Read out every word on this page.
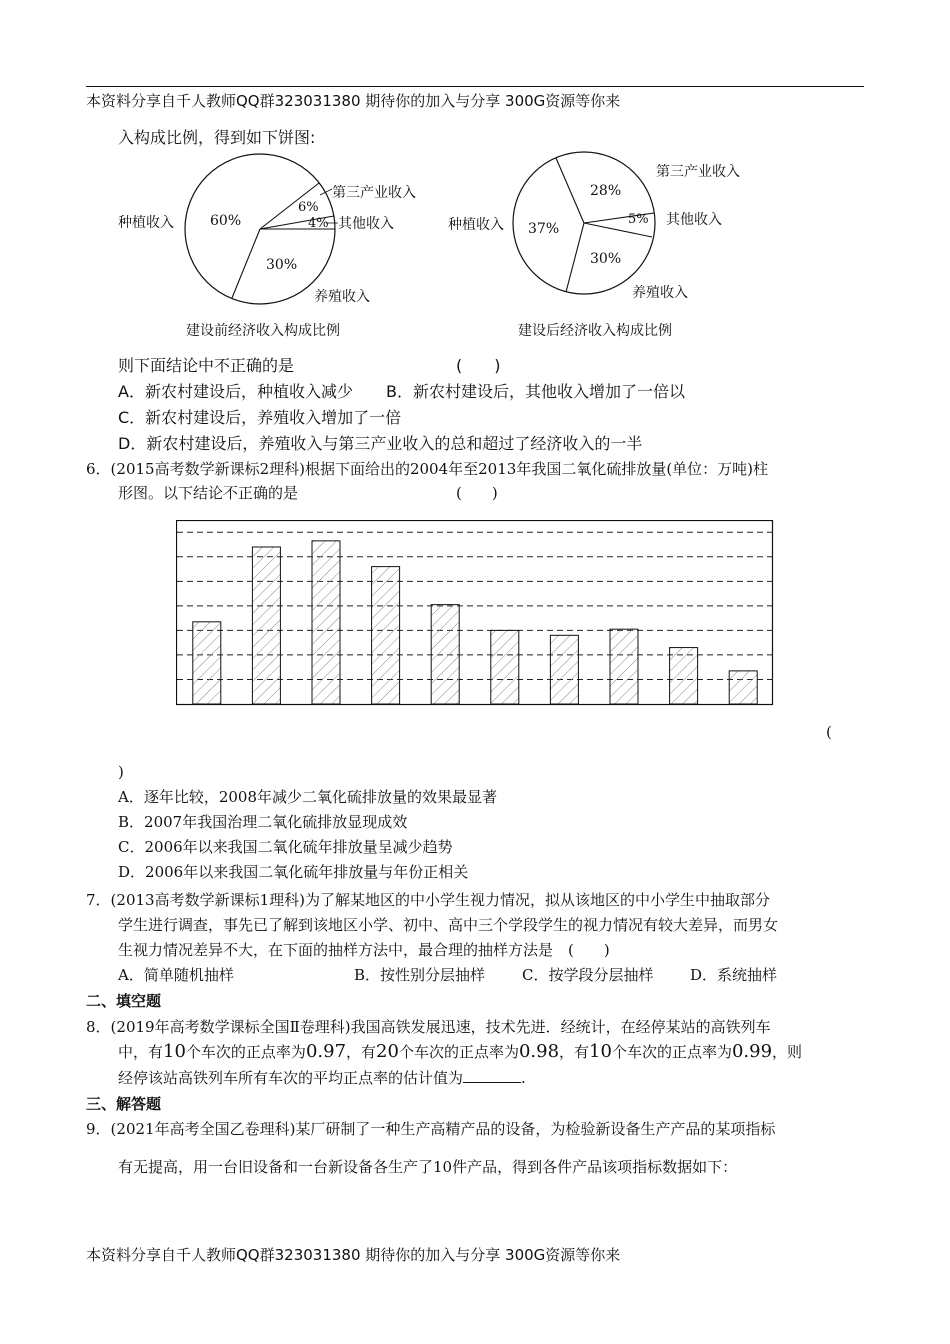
本资料分享自千人教师QQ群323031380 期待你的加入与分享 300G资源等你来
入构成比例，得到如下饼图:
60%
6%
4%
30%
种植收入
第三产业收入
其他收入
养殖收入
建设前经济收入构成比例
37%
28%
5%
30%
种植收入
第三产业收入
其他收入
养殖收入
建设后经济收入构成比例
则下面结论中不正确的是	(　　)
A．新农村建设后，种植收入减少 B．新农村建设后，其他收入增加了一倍以
C．新农村建设后，养殖收入增加了一倍
D．新农村建设后，养殖收入与第三产业收入的总和超过了经济收入的一半
6．(2015高考数学新课标2理科)根据下面给出的2004年至2013年我国二氧化硫排放量(单位：万吨)柱
形图。以下结论不正确的是	(　　)
(
)
A．逐年比较，2008年减少二氧化硫排放量的效果最显著
B．2007年我国治理二氧化硫排放显现成效
C．2006年以来我国二氧化硫年排放量呈减少趋势
D．2006年以来我国二氧化硫年排放量与年份正相关
7．(2013高考数学新课标1理科)为了解某地区的中小学生视力情况，拟从该地区的中小学生中抽取部分
学生进行调查，事先已了解到该地区小学、初中、高中三个学段学生的视力情况有较大差异，而男女
生视力情况差异不大，在下面的抽样方法中，最合理的抽样方法是　(　　)
A．简单随机抽样	B．按性别分层抽样 C．按学段分层抽样 D．系统抽样
二、填空题
8．(2019年高考数学课标全国Ⅱ卷理科)我国高铁发展迅速，技术先进．经统计，在经停某站的高铁列车
中，有10个车次的正点率为0.97，有20个车次的正点率为0.98，有10个车次的正点率为0.99，则
经停该站高铁列车所有车次的平均正点率的估计值为	.
三、解答题
9．(2021年高考全国乙卷理科)某厂研制了一种生产高精产品的设备，为检验新设备生产产品的某项指标
有无提高，用一台旧设备和一台新设备各生产了10件产品，得到各件产品该项指标数据如下：
本资料分享自千人教师QQ群323031380 期待你的加入与分享 300G资源等你来
